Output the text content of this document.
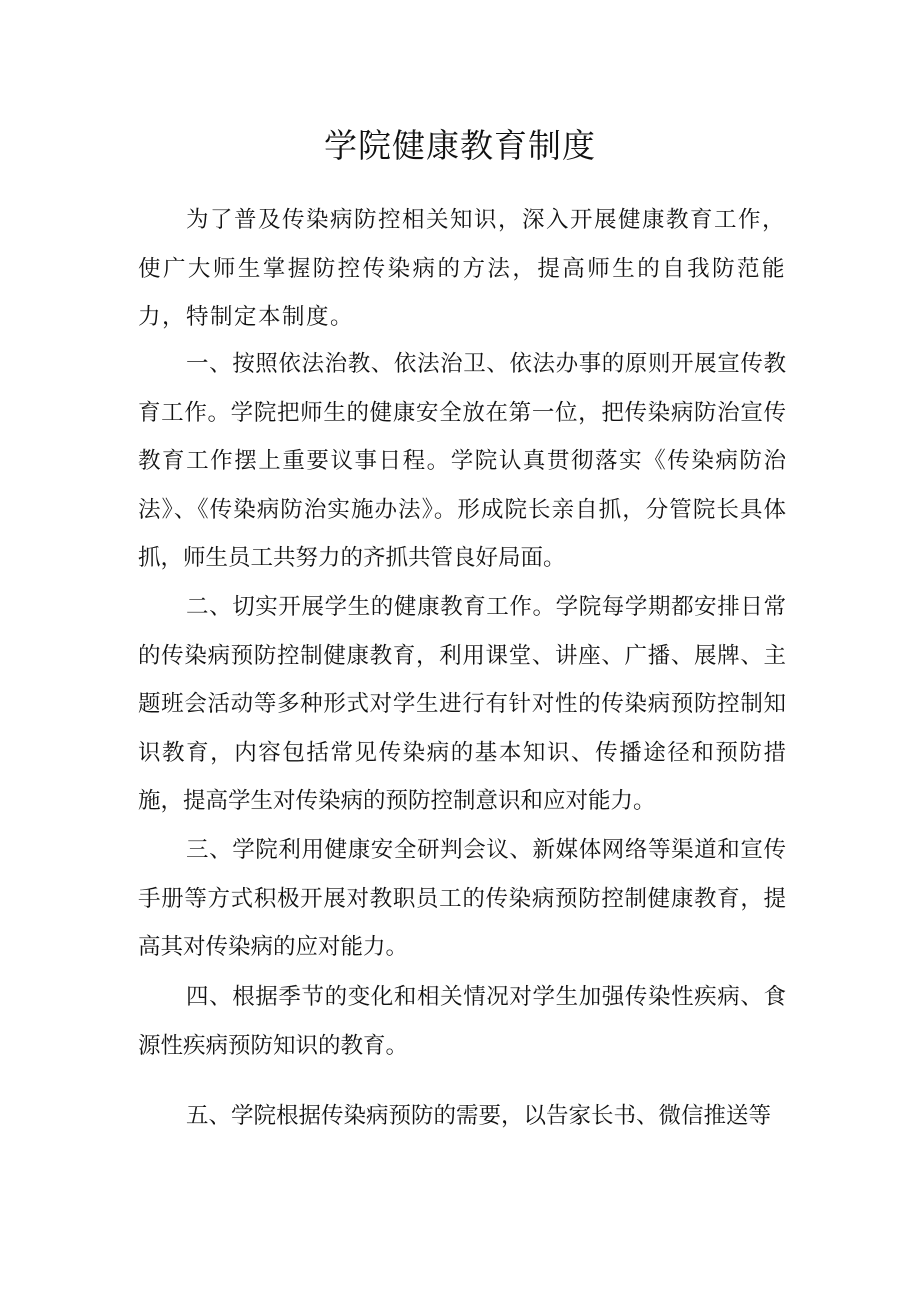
学院健康教育制度

为了普及传染病防控相关知识，深入开展健康教育工作，使广大师生掌握防控传染病的方法，提高师生的自我防范能力，特制定本制度。

一、按照依法治教、依法治卫、依法办事的原则开展宣传教育工作。学院把师生的健康安全放在第一位，把传染病防治宣传教育工作摆上重要议事日程。学院认真贯彻落实《传染病防治法》、《传染病防治实施办法》。形成院长亲自抓，分管院长具体抓，师生员工共努力的齐抓共管良好局面。

二、切实开展学生的健康教育工作。学院每学期都安排日常的传染病预防控制健康教育，利用课堂、讲座、广播、展牌、主题班会活动等多种形式对学生进行有针对性的传染病预防控制知识教育，内容包括常见传染病的基本知识、传播途径和预防措施，提高学生对传染病的预防控制意识和应对能力。

三、学院利用健康安全研判会议、新媒体网络等渠道和宣传手册等方式积极开展对教职员工的传染病预防控制健康教育，提高其对传染病的应对能力。

四、根据季节的变化和相关情况对学生加强传染性疾病、食源性疾病预防知识的教育。

五、学院根据传染病预防的需要，以告家长书、微信推送等
